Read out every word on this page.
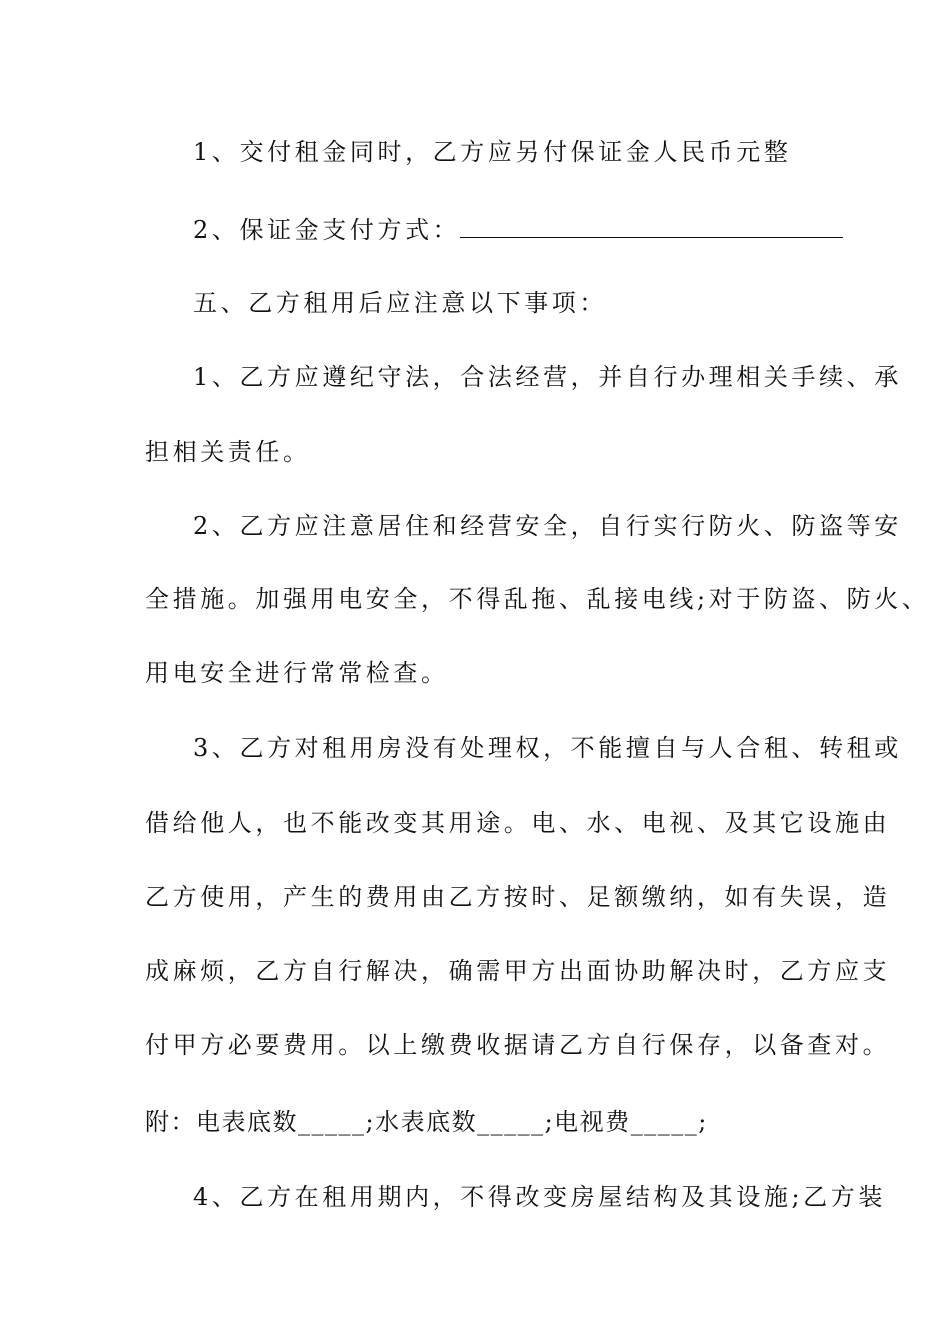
1、交付租金同时，乙方应另付保证金人民币元整
2、保证金支付方式：
五、乙方租用后应注意以下事项：
1、乙方应遵纪守法，合法经营，并自行办理相关手续、承
担相关责任。
2、乙方应注意居住和经营安全，自行实行防火、防盗等安
全措施。加强用电安全，不得乱拖、乱接电线;对于防盗、防火、
用电安全进行常常检查。
3、乙方对租用房没有处理权，不能擅自与人合租、转租或
借给他人，也不能改变其用途。电、水、电视、及其它设施由
乙方使用，产生的费用由乙方按时、足额缴纳，如有失误，造
成麻烦，乙方自行解决，确需甲方出面协助解决时，乙方应支
付甲方必要费用。以上缴费收据请乙方自行保存，以备查对。
附：电表底数_____;水表底数_____;电视费_____;
4、乙方在租用期内，不得改变房屋结构及其设施;乙方装
